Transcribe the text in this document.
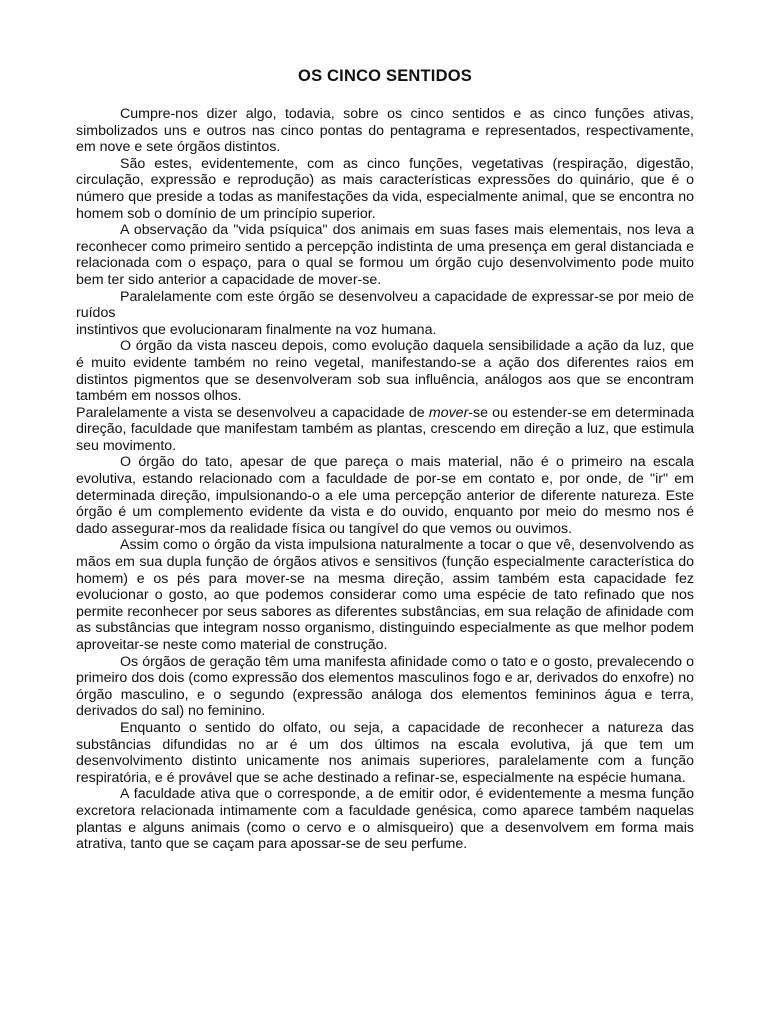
OS CINCO SENTIDOS

Cumpre-nos dizer algo, todavia, sobre os cinco sentidos e as cinco funções ativas, simbolizados uns e outros nas cinco pontas do pentagrama e representados, respectivamente, em nove e sete órgãos distintos.

São estes, evidentemente, com as cinco funções, vegetativas (respiração, digestão, circulação, expressão e reprodução) as mais características expressões do quinário, que é o número que preside a todas as manifestações da vida, especialmente animal, que se encontra no homem sob o domínio de um princípio superior.

A observação da "vida psíquica" dos animais em suas fases mais elementais, nos leva a reconhecer como primeiro sentido a percepção indistinta de uma presença em geral distanciada e relacionada com o espaço, para o qual se formou um órgão cujo desenvolvimento pode muito bem ter sido anterior a capacidade de mover-se.

Paralelamente com este órgão se desenvolveu a capacidade de expressar-se por meio de ruídos
instintivos que evolucionaram finalmente na voz humana.

O órgão da vista nasceu depois, como evolução daquela sensibilidade a ação da luz, que é muito evidente também no reino vegetal, manifestando-se a ação dos diferentes raios em distintos pigmentos que se desenvolveram sob sua influência, análogos aos que se encontram também em nossos olhos.

Paralelamente a vista se desenvolveu a capacidade de mover-se ou estender-se em determinada direção, faculdade que manifestam também as plantas, crescendo em direção a luz, que estimula seu movimento.

O órgão do tato, apesar de que pareça o mais material, não é o primeiro na escala evolutiva, estando relacionado com a faculdade de por-se em contato e, por onde, de "ir" em determinada direção, impulsionando-o a ele uma percepção anterior de diferente natureza. Este órgão é um complemento evidente da vista e do ouvido, enquanto por meio do mesmo nos é dado assegurar-mos da realidade física ou tangível do que vemos ou ouvimos.

Assim como o órgão da vista impulsiona naturalmente a tocar o que vê, desenvolvendo as mãos em sua dupla função de órgãos ativos e sensitivos (função especialmente característica do homem) e os pés para mover-se na mesma direção, assim também esta capacidade fez evolucionar o gosto, ao que podemos considerar como uma espécie de tato refinado que nos permite reconhecer por seus sabores as diferentes substâncias, em sua relação de afinidade com as substâncias que integram nosso organismo, distinguindo especialmente as que melhor podem aproveitar-se neste como material de construção.

Os órgãos de geração têm uma manifesta afinidade como o tato e o gosto, prevalecendo o primeiro dos dois (como expressão dos elementos masculinos fogo e ar, derivados do enxofre) no órgão masculino, e o segundo (expressão análoga dos elementos femininos água e terra, derivados do sal) no feminino.

Enquanto o sentido do olfato, ou seja, a capacidade de reconhecer a natureza das substâncias difundidas no ar é um dos últimos na escala evolutiva, já que tem um desenvolvimento distinto unicamente nos animais superiores, paralelamente com a função respiratória, e é provável que se ache destinado a refinar-se, especialmente na espécie humana.

A faculdade ativa que o corresponde, a de emitir odor, é evidentemente a mesma função excretora relacionada intimamente com a faculdade genésica, como aparece também naquelas plantas e alguns animais (como o cervo e o almisqueiro) que a desenvolvem em forma mais atrativa, tanto que se caçam para apossar-se de seu perfume.
